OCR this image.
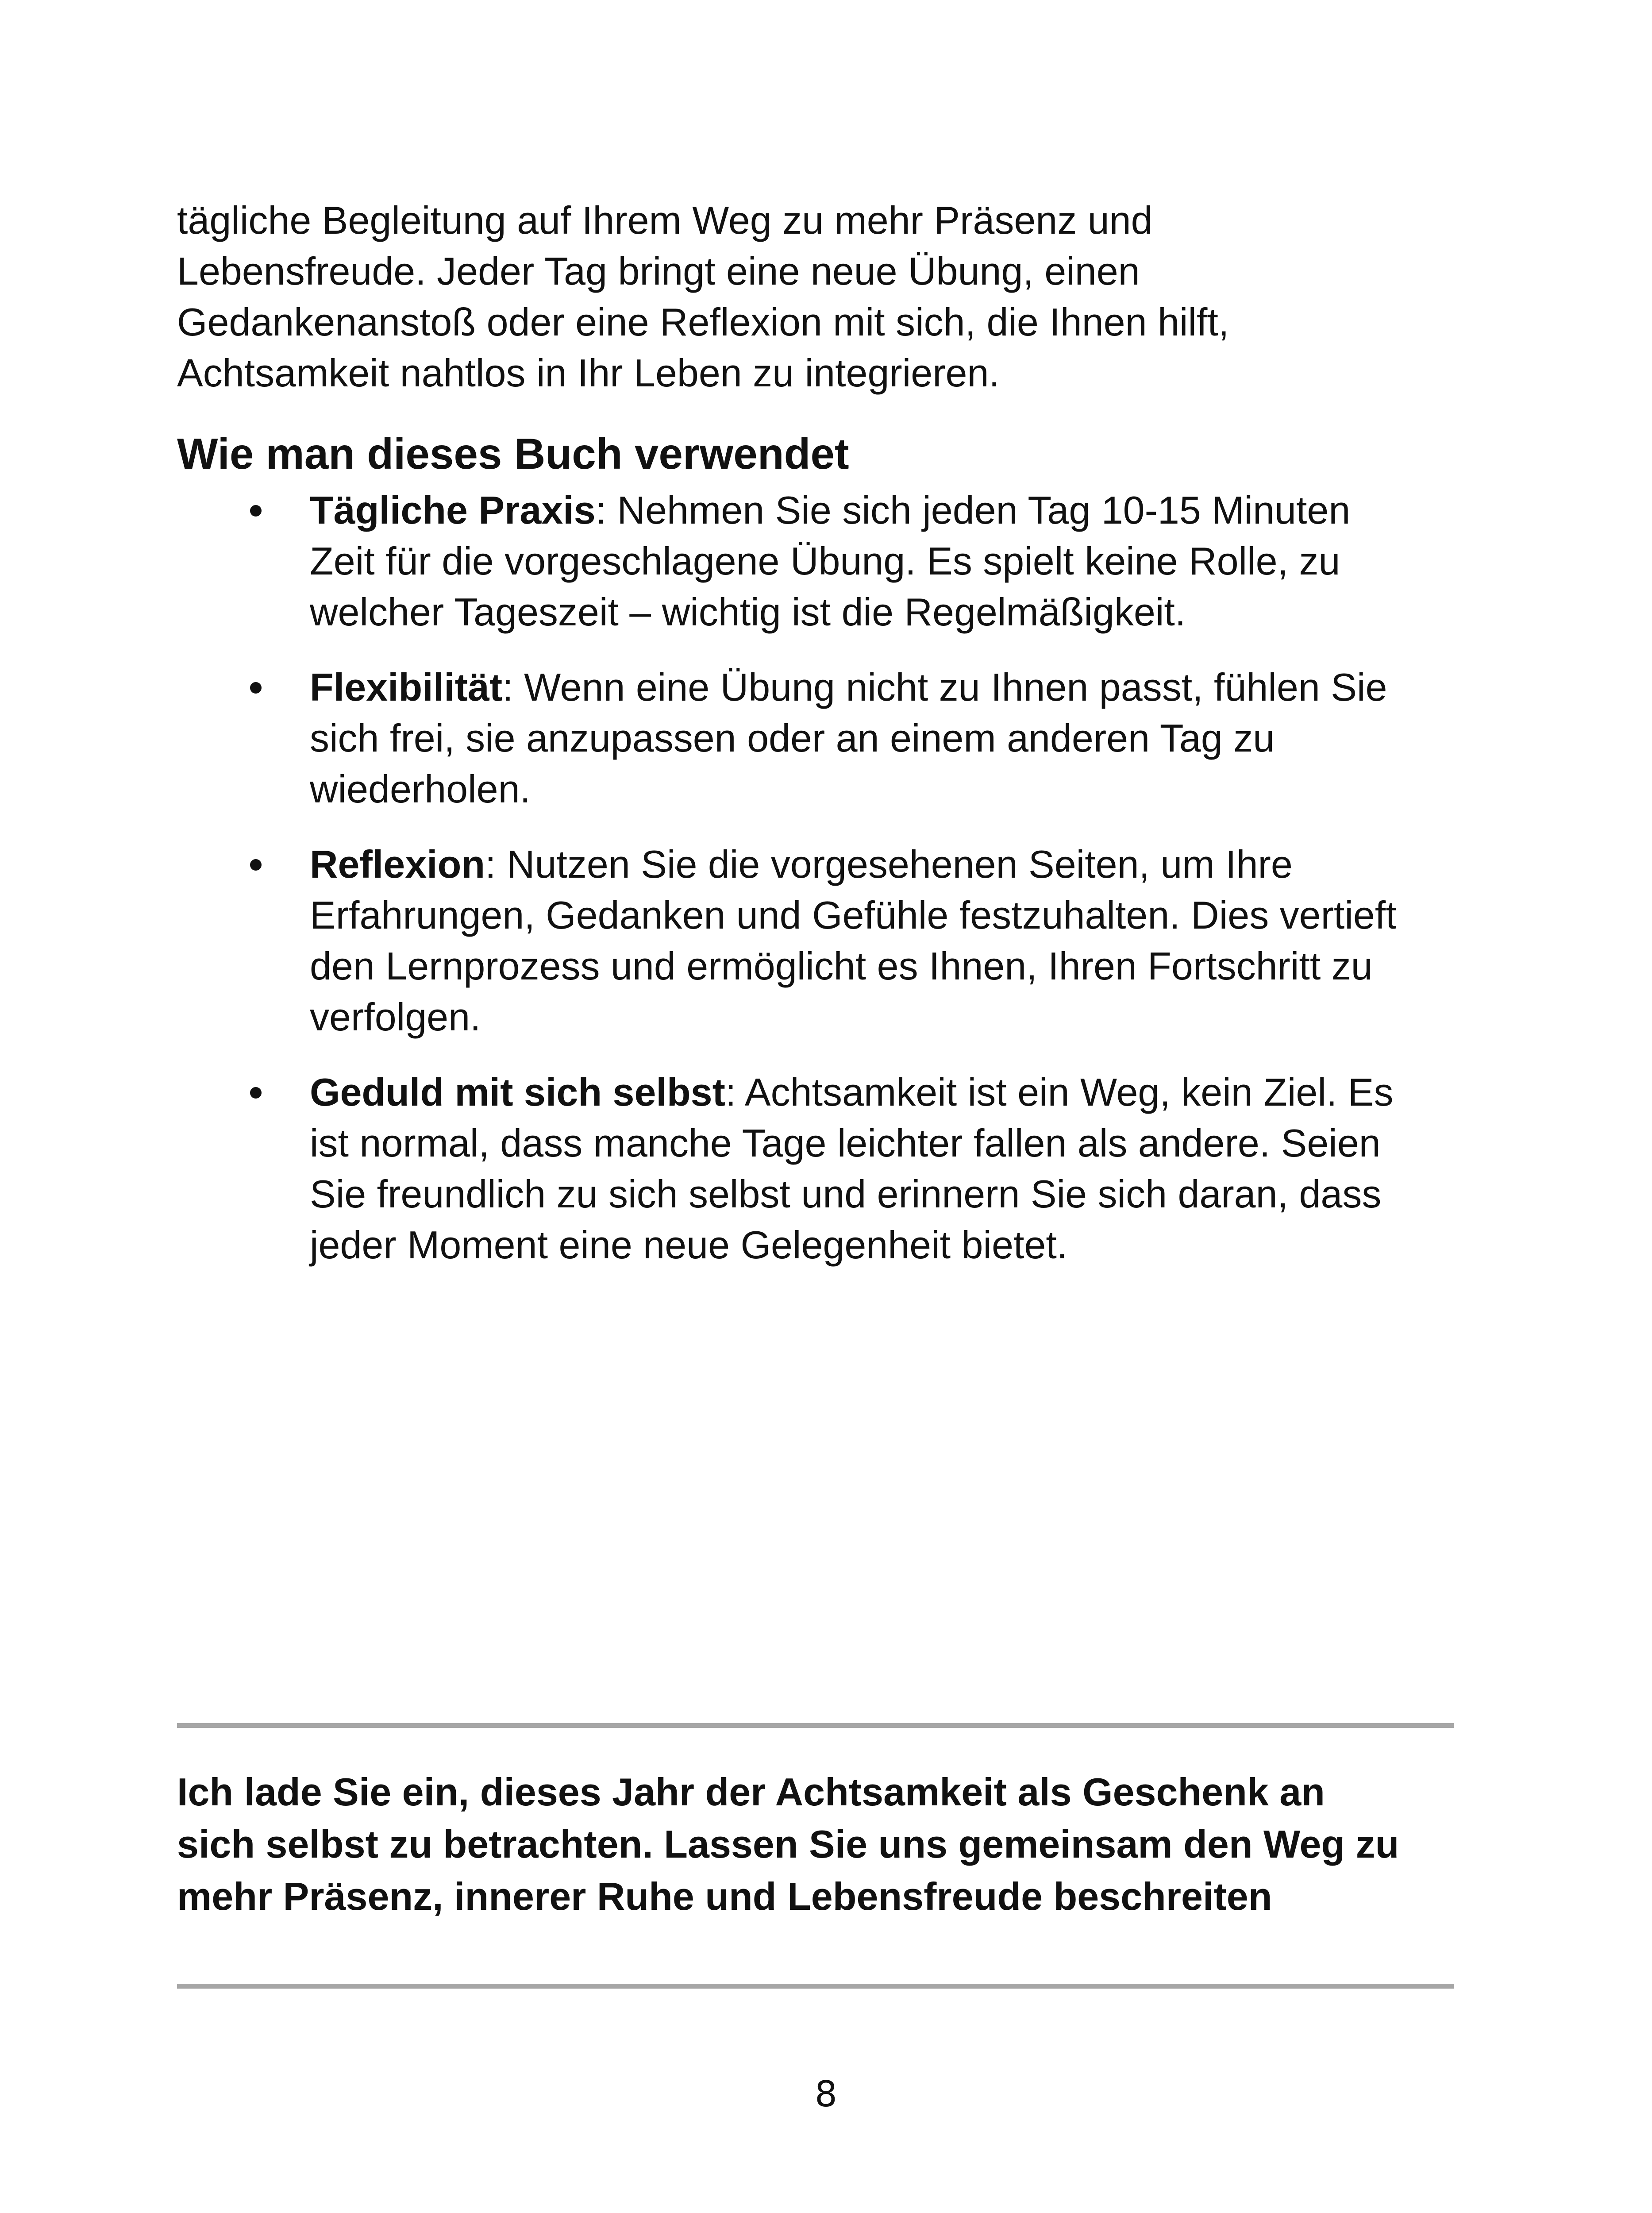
tägliche Begleitung auf Ihrem Weg zu mehr Präsenz und
Lebensfreude. Jeder Tag bringt eine neue Übung, einen
Gedankenanstoß oder eine Reflexion mit sich, die Ihnen hilft,
Achtsamkeit nahtlos in Ihr Leben zu integrieren.

Wie man dieses Buch verwendet
Tägliche Praxis: Nehmen Sie sich jeden Tag 10-15 Minuten
Zeit für die vorgeschlagene Übung. Es spielt keine Rolle, zu
welcher Tageszeit – wichtig ist die Regelmäßigkeit.
Flexibilität: Wenn eine Übung nicht zu Ihnen passt, fühlen Sie
sich frei, sie anzupassen oder an einem anderen Tag zu
wiederholen.
Reflexion: Nutzen Sie die vorgesehenen Seiten, um Ihre
Erfahrungen, Gedanken und Gefühle festzuhalten. Dies vertieft
den Lernprozess und ermöglicht es Ihnen, Ihren Fortschritt zu
verfolgen.
Geduld mit sich selbst: Achtsamkeit ist ein Weg, kein Ziel. Es
ist normal, dass manche Tage leichter fallen als andere. Seien
Sie freundlich zu sich selbst und erinnern Sie sich daran, dass
jeder Moment eine neue Gelegenheit bietet.

Ich lade Sie ein, dieses Jahr der Achtsamkeit als Geschenk an
sich selbst zu betrachten. Lassen Sie uns gemeinsam den Weg zu
mehr Präsenz, innerer Ruhe und Lebensfreude beschreiten

8
